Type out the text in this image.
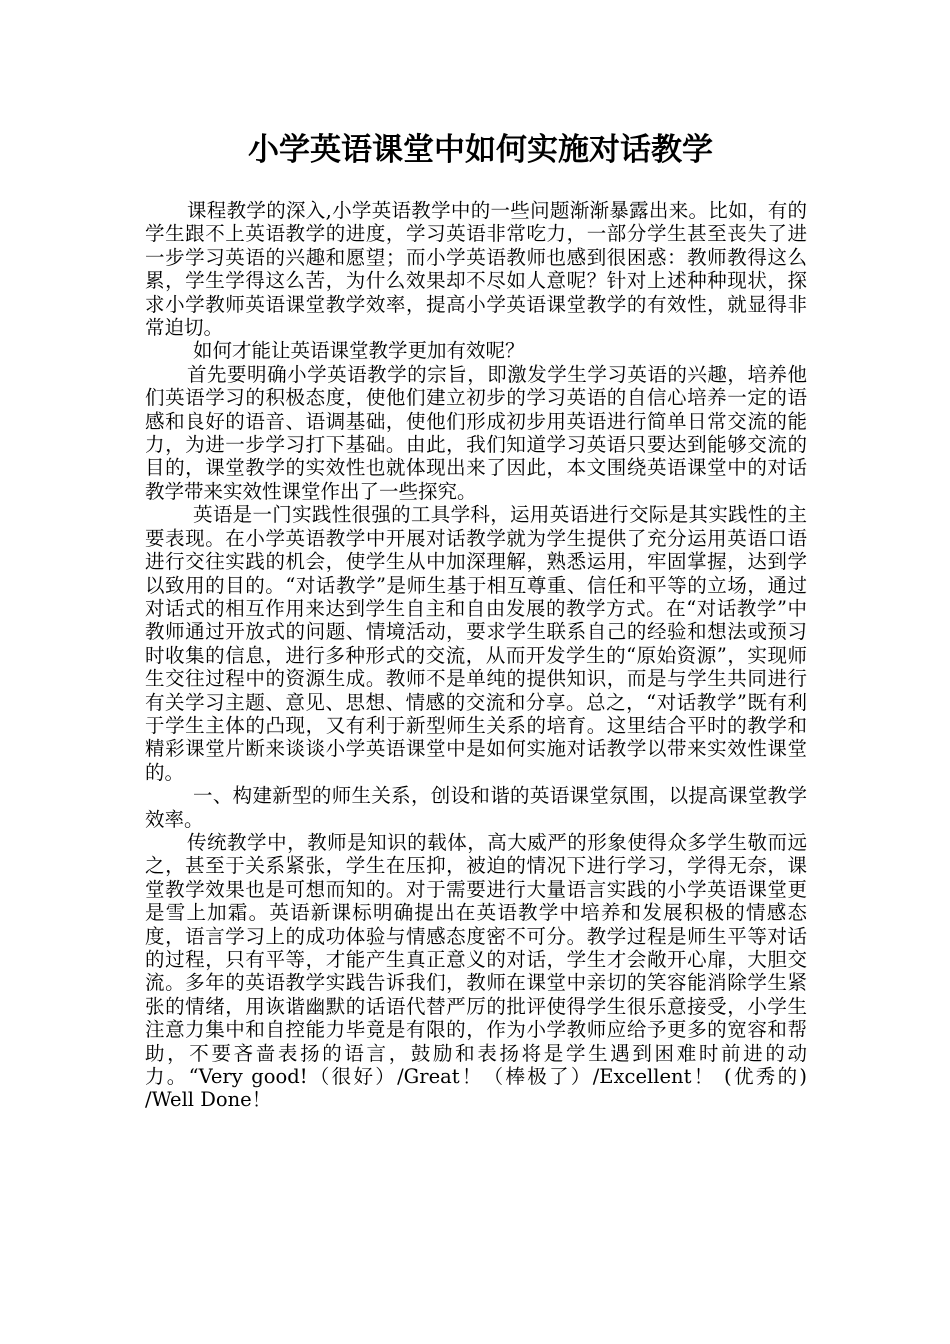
小学英语课堂中如何实施对话教学

课程教学的深入,小学英语教学中的一些问题渐渐暴露出来。比如，有的学生跟不上英语教学的进度，学习英语非常吃力，一部分学生甚至丧失了进一步学习英语的兴趣和愿望；而小学英语教师也感到很困惑：教师教得这么累，学生学得这么苦，为什么效果却不尽如人意呢？针对上述种种现状，探求小学教师英语课堂教学效率，提高小学英语课堂教学的有效性，就显得非常迫切。

如何才能让英语课堂教学更加有效呢？

首先要明确小学英语教学的宗旨，即激发学生学习英语的兴趣，培养他们英语学习的积极态度，使他们建立初步的学习英语的自信心培养一定的语感和良好的语音、语调基础，使他们形成初步用英语进行简单日常交流的能力，为进一步学习打下基础。由此，我们知道学习英语只要达到能够交流的目的，课堂教学的实效性也就体现出来了因此，本文围绕英语课堂中的对话教学带来实效性课堂作出了一些探究。

英语是一门实践性很强的工具学科，运用英语进行交际是其实践性的主要表现。在小学英语教学中开展对话教学就为学生提供了充分运用英语口语进行交往实践的机会，使学生从中加深理解，熟悉运用，牢固掌握，达到学以致用的目的。“对话教学”是师生基于相互尊重、信任和平等的立场，通过对话式的相互作用来达到学生自主和自由发展的教学方式。在“对话教学”中教师通过开放式的问题、情境活动，要求学生联系自己的经验和想法或预习时收集的信息，进行多种形式的交流，从而开发学生的“原始资源”，实现师生交往过程中的资源生成。教师不是单纯的提供知识，而是与学生共同进行有关学习主题、意见、思想、情感的交流和分享。总之，“对话教学”既有利于学生主体的凸现，又有利于新型师生关系的培育。这里结合平时的教学和精彩课堂片断来谈谈小学英语课堂中是如何实施对话教学以带来实效性课堂的。

一、构建新型的师生关系，创设和谐的英语课堂氛围，以提高课堂教学效率。

传统教学中，教师是知识的载体，高大威严的形象使得众多学生敬而远之，甚至于关系紧张，学生在压抑，被迫的情况下进行学习，学得无奈，课堂教学效果也是可想而知的。对于需要进行大量语言实践的小学英语课堂更是雪上加霜。英语新课标明确提出在英语教学中培养和发展积极的情感态度，语言学习上的成功体验与情感态度密不可分。教学过程是师生平等对话的过程，只有平等，才能产生真正意义的对话，学生才会敞开心扉，大胆交流。多年的英语教学实践告诉我们，教师在课堂中亲切的笑容能消除学生紧张的情绪，用诙谐幽默的话语代替严厉的批评使得学生很乐意接受，小学生注意力集中和自控能力毕竟是有限的，作为小学教师应给予更多的宽容和帮助，不要吝啬表扬的语言，鼓励和表扬将是学生遇到困难时前进的动力。“Very good!（很好）/Great！（棒极了）/Excellent！ (优秀的) /Well Done！
